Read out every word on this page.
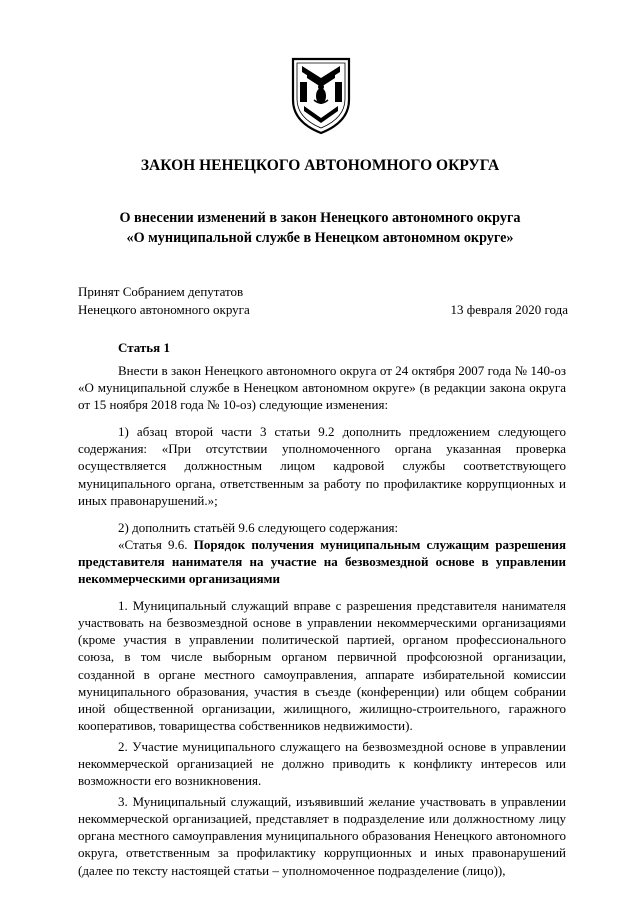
ЗАКОН НЕНЕЦКОГО АВТОНОМНОГО ОКРУГА
О внесении изменений в закон Ненецкого автономного округа
«О муниципальной службе в Ненецком автономном округе»
Принят Собранием депутатов
Ненецкого автономного округа	13 февраля 2020 года
Статья 1

Внести в закон Ненецкого автономного округа от 24 октября 2007 года № 140-оз «О муниципальной службе в Ненецком автономном округе» (в редакции закона округа от 15 ноября 2018 года № 10-оз) следующие изменения:

1) абзац второй части 3 статьи 9.2 дополнить предложением следующего содержания: «При отсутствии уполномоченного органа указанная проверка осуществляется должностным лицом кадровой службы соответствующего муниципального органа, ответственным за работу по профилактике коррупционных и иных правонарушений.»;

2) дополнить статьёй 9.6 следующего содержания:

«Статья 9.6. Порядок получения муниципальным служащим разрешения представителя нанимателя на участие на безвозмездной основе в управлении некоммерческими организациями

1. Муниципальный служащий вправе с разрешения представителя нанимателя участвовать на безвозмездной основе в управлении некоммерческими организациями (кроме участия в управлении политической партией, органом профессионального союза, в том числе выборным органом первичной профсоюзной организации, созданной в органе местного самоуправления, аппарате избирательной комиссии муниципального образования, участия в съезде (конференции) или общем собрании иной общественной организации, жилищного, жилищно-строительного, гаражного кооперативов, товарищества собственников недвижимости).

2. Участие муниципального служащего на безвозмездной основе в управлении некоммерческой организацией не должно приводить к конфликту интересов или возможности его возникновения.

3. Муниципальный служащий, изъявивший желание участвовать в управлении некоммерческой организацией, представляет в подразделение или должностному лицу органа местного самоуправления муниципального образования Ненецкого автономного округа, ответственным за профилактику коррупционных и иных правонарушений (далее по тексту настоящей статьи – уполномоченное подразделение (лицо)),
